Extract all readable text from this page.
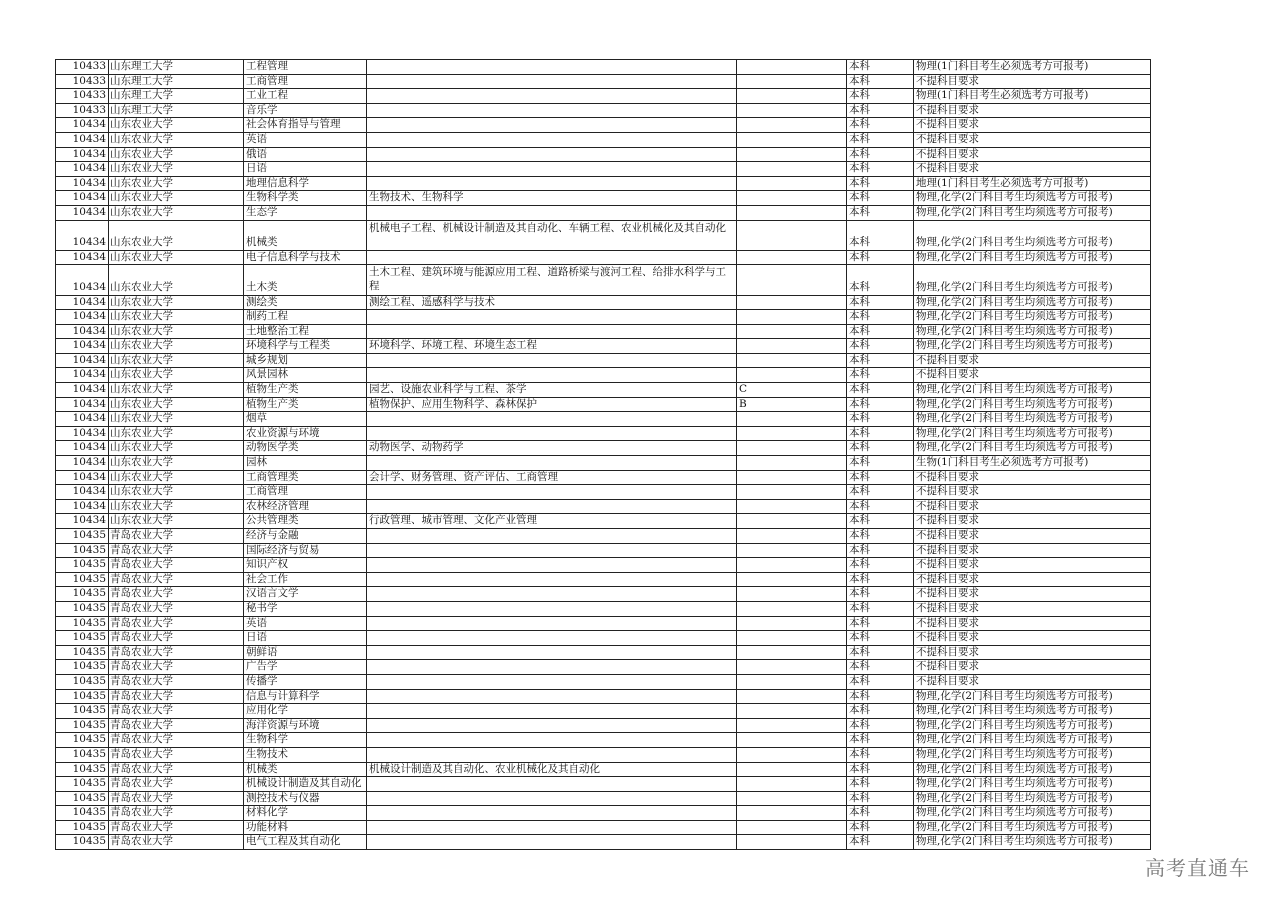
10433	山东理工大学	工程管理			本科	物理(1门科目考生必须选考方可报考)
10433	山东理工大学	工商管理			本科	不提科目要求
10433	山东理工大学	工业工程			本科	物理(1门科目考生必须选考方可报考)
10433	山东理工大学	音乐学			本科	不提科目要求
10434	山东农业大学	社会体育指导与管理			本科	不提科目要求
10434	山东农业大学	英语			本科	不提科目要求
10434	山东农业大学	俄语			本科	不提科目要求
10434	山东农业大学	日语			本科	不提科目要求
10434	山东农业大学	地理信息科学			本科	地理(1门科目考生必须选考方可报考)
10434	山东农业大学	生物科学类	生物技术、生物科学		本科	物理,化学(2门科目考生均须选考方可报考)
10434	山东农业大学	生态学			本科	物理,化学(2门科目考生均须选考方可报考)
10434	山东农业大学	机械类	机械电子工程、机械设计制造及其自动化、车辆工程、农业机械化及其自动化		本科	物理,化学(2门科目考生均须选考方可报考)
10434	山东农业大学	电子信息科学与技术			本科	物理,化学(2门科目考生均须选考方可报考)
10434	山东农业大学	土木类	土木工程、建筑环境与能源应用工程、道路桥梁与渡河工程、给排水科学与工程		本科	物理,化学(2门科目考生均须选考方可报考)
10434	山东农业大学	测绘类	测绘工程、遥感科学与技术		本科	物理,化学(2门科目考生均须选考方可报考)
10434	山东农业大学	制药工程			本科	物理,化学(2门科目考生均须选考方可报考)
10434	山东农业大学	土地整治工程			本科	物理,化学(2门科目考生均须选考方可报考)
10434	山东农业大学	环境科学与工程类	环境科学、环境工程、环境生态工程		本科	物理,化学(2门科目考生均须选考方可报考)
10434	山东农业大学	城乡规划			本科	不提科目要求
10434	山东农业大学	风景园林			本科	不提科目要求
10434	山东农业大学	植物生产类	园艺、设施农业科学与工程、茶学	C	本科	物理,化学(2门科目考生均须选考方可报考)
10434	山东农业大学	植物生产类	植物保护、应用生物科学、森林保护	B	本科	物理,化学(2门科目考生均须选考方可报考)
10434	山东农业大学	烟草			本科	物理,化学(2门科目考生均须选考方可报考)
10434	山东农业大学	农业资源与环境			本科	物理,化学(2门科目考生均须选考方可报考)
10434	山东农业大学	动物医学类	动物医学、动物药学		本科	物理,化学(2门科目考生均须选考方可报考)
10434	山东农业大学	园林			本科	生物(1门科目考生必须选考方可报考)
10434	山东农业大学	工商管理类	会计学、财务管理、资产评估、工商管理		本科	不提科目要求
10434	山东农业大学	工商管理			本科	不提科目要求
10434	山东农业大学	农林经济管理			本科	不提科目要求
10434	山东农业大学	公共管理类	行政管理、城市管理、文化产业管理		本科	不提科目要求
10435	青岛农业大学	经济与金融			本科	不提科目要求
10435	青岛农业大学	国际经济与贸易			本科	不提科目要求
10435	青岛农业大学	知识产权			本科	不提科目要求
10435	青岛农业大学	社会工作			本科	不提科目要求
10435	青岛农业大学	汉语言文学			本科	不提科目要求
10435	青岛农业大学	秘书学			本科	不提科目要求
10435	青岛农业大学	英语			本科	不提科目要求
10435	青岛农业大学	日语			本科	不提科目要求
10435	青岛农业大学	朝鲜语			本科	不提科目要求
10435	青岛农业大学	广告学			本科	不提科目要求
10435	青岛农业大学	传播学			本科	不提科目要求
10435	青岛农业大学	信息与计算科学			本科	物理,化学(2门科目考生均须选考方可报考)
10435	青岛农业大学	应用化学			本科	物理,化学(2门科目考生均须选考方可报考)
10435	青岛农业大学	海洋资源与环境			本科	物理,化学(2门科目考生均须选考方可报考)
10435	青岛农业大学	生物科学			本科	物理,化学(2门科目考生均须选考方可报考)
10435	青岛农业大学	生物技术			本科	物理,化学(2门科目考生均须选考方可报考)
10435	青岛农业大学	机械类	机械设计制造及其自动化、农业机械化及其自动化		本科	物理,化学(2门科目考生均须选考方可报考)
10435	青岛农业大学	机械设计制造及其自动化			本科	物理,化学(2门科目考生均须选考方可报考)
10435	青岛农业大学	测控技术与仪器			本科	物理,化学(2门科目考生均须选考方可报考)
10435	青岛农业大学	材料化学			本科	物理,化学(2门科目考生均须选考方可报考)
10435	青岛农业大学	功能材料			本科	物理,化学(2门科目考生均须选考方可报考)
10435	青岛农业大学	电气工程及其自动化			本科	物理,化学(2门科目考生均须选考方可报考)
高考直通车
